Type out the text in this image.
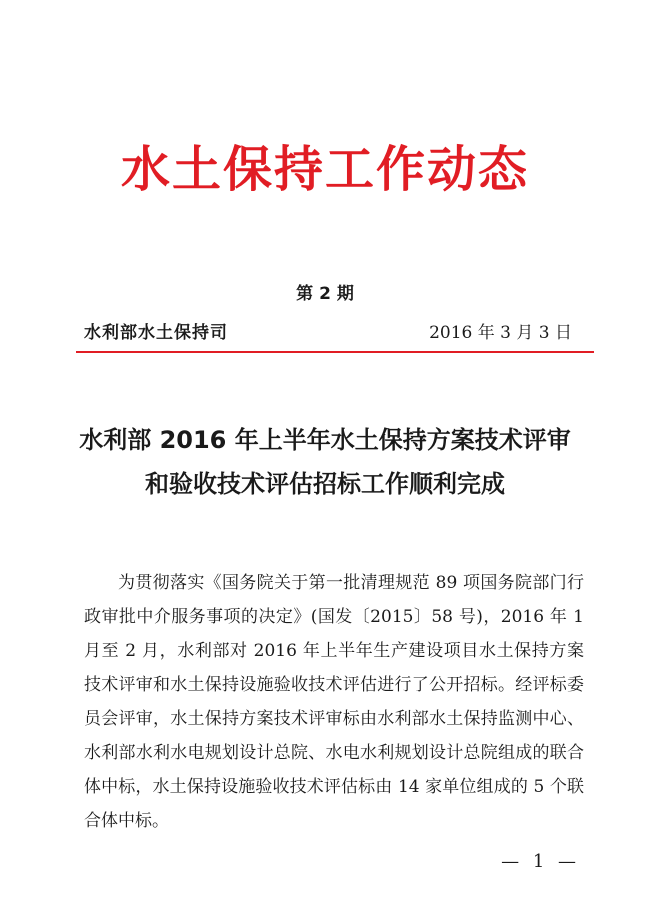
水土保持工作动态
第 2 期
水利部水土保持司	2016 年 3 月 3 日
水利部 2016 年上半年水土保持方案技术评审
和验收技术评估招标工作顺利完成
为贯彻落实《国务院关于第一批清理规范 89 项国务院部门行政审批中介服务事项的决定》(国发〔2015〕58 号)，2016 年 1 月至 2 月，水利部对 2016 年上半年生产建设项目水土保持方案技术评审和水土保持设施验收技术评估进行了公开招标。经评标委员会评审，水土保持方案技术评审标由水利部水土保持监测中心、水利部水利水电规划设计总院、水电水利规划设计总院组成的联合体中标，水土保持设施验收技术评估标由 14 家单位组成的 5 个联合体中标。
— 1 —
